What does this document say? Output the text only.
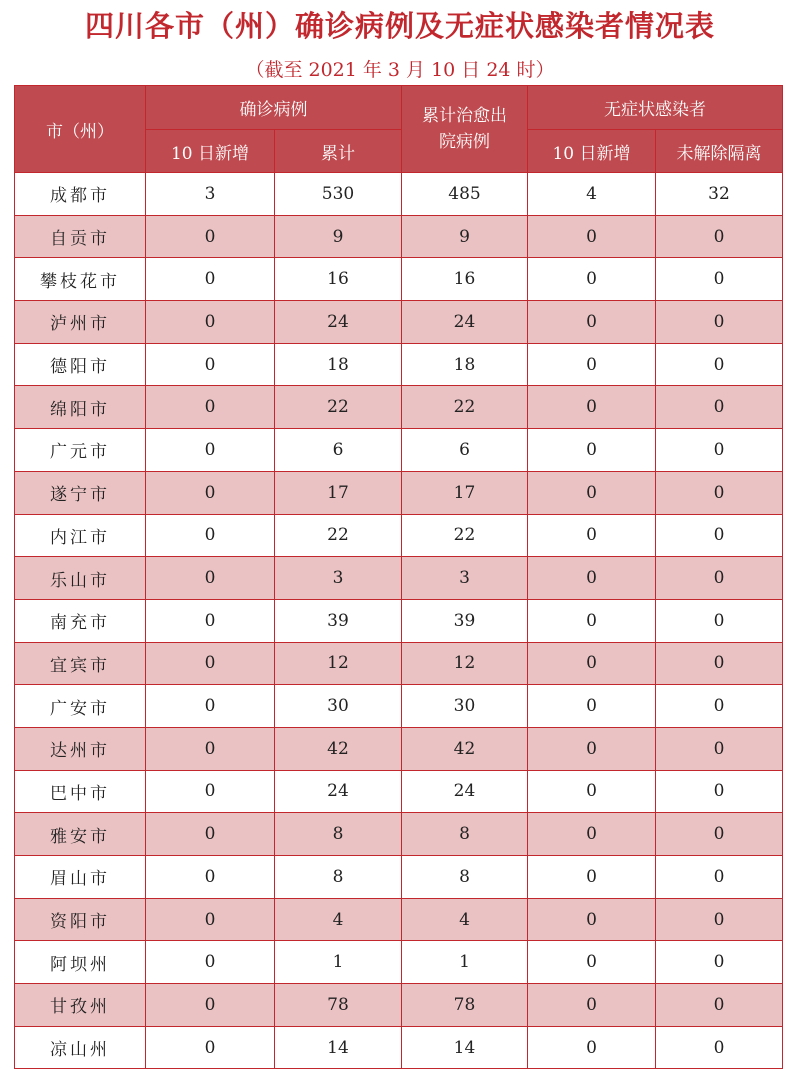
四川各市（州）确诊病例及无症状感染者情况表
（截至 2021 年 3 月 10 日 24 时）
市（州）	确诊病例		累计治愈出院病例	无症状感染者	
	10 日新增	累计		10 日新增	未解除隔离
成都市	3	530	485	4	32
自贡市	0	9	9	0	0
攀枝花市	0	16	16	0	0
泸州市	0	24	24	0	0
德阳市	0	18	18	0	0
绵阳市	0	22	22	0	0
广元市	0	6	6	0	0
遂宁市	0	17	17	0	0
内江市	0	22	22	0	0
乐山市	0	3	3	0	0
南充市	0	39	39	0	0
宜宾市	0	12	12	0	0
广安市	0	30	30	0	0
达州市	0	42	42	0	0
巴中市	0	24	24	0	0
雅安市	0	8	8	0	0
眉山市	0	8	8	0	0
资阳市	0	4	4	0	0
阿坝州	0	1	1	0	0
甘孜州	0	78	78	0	0
凉山州	0	14	14	0	0
